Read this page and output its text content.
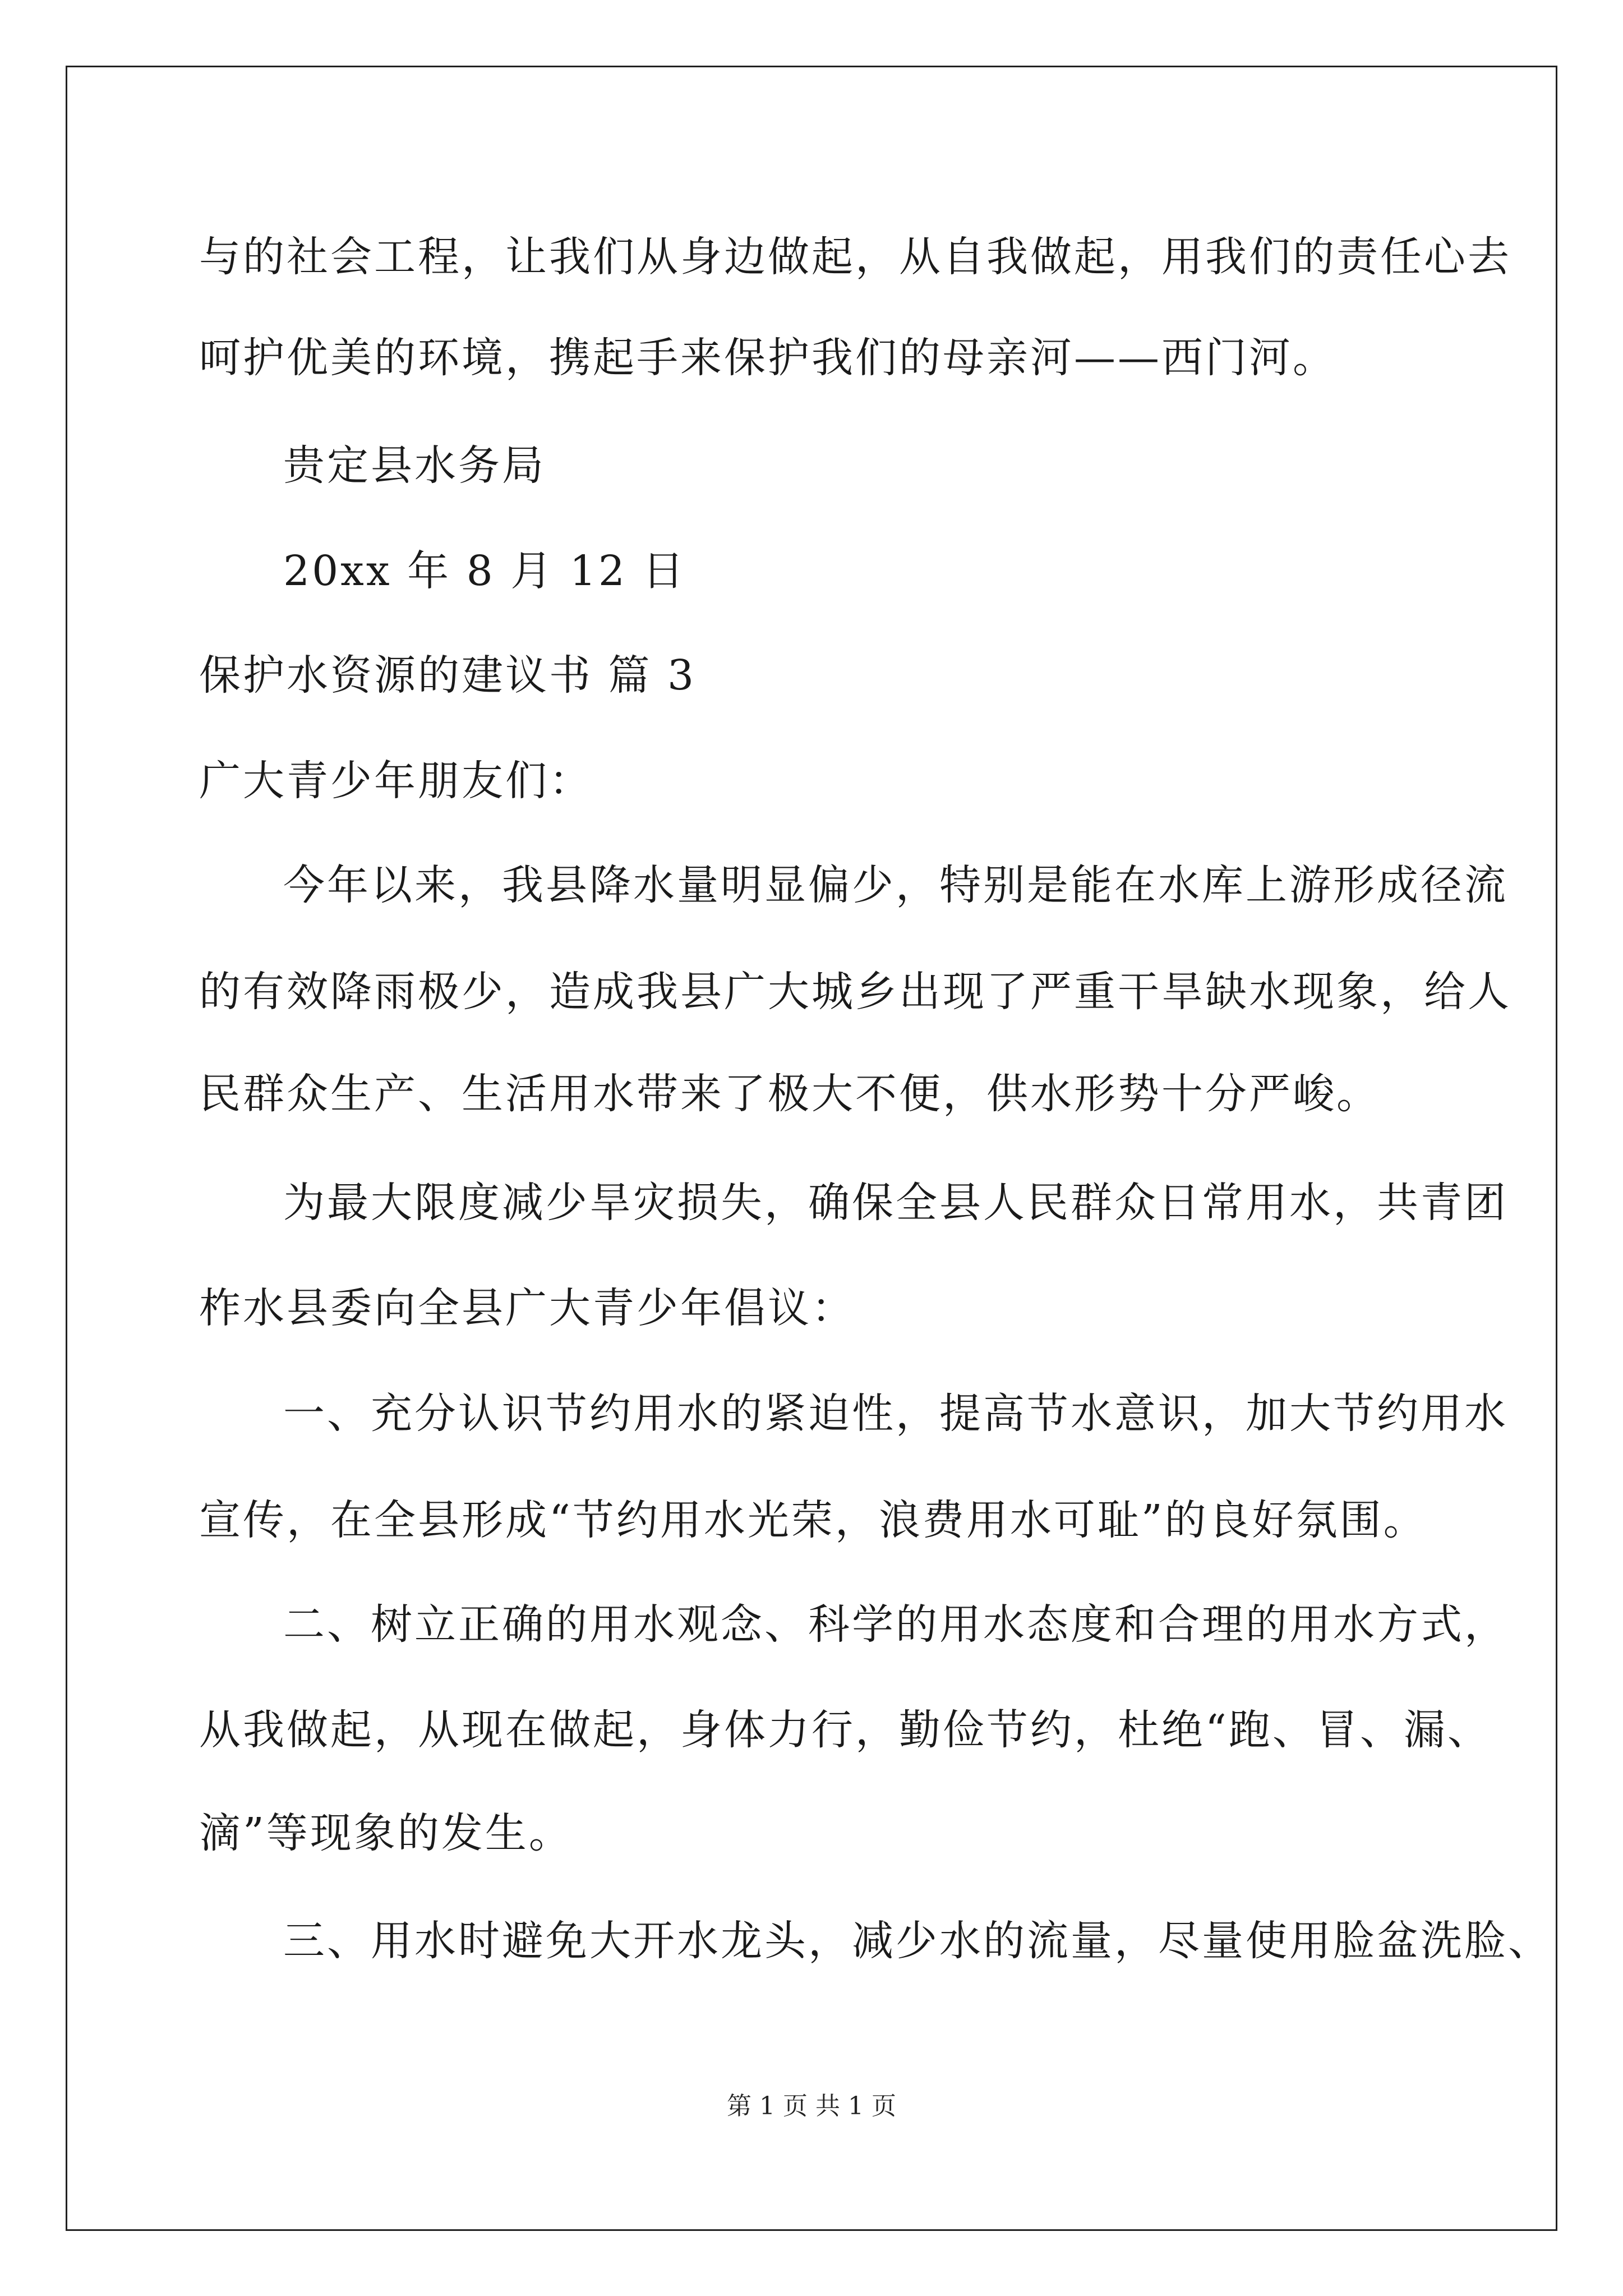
与的社会工程，让我们从身边做起，从自我做起，用我们的责任心去
呵护优美的环境，携起手来保护我们的母亲河——西门河。
贵定县水务局
20xx 年 8 月 12 日
保护水资源的建议书 篇 3
广大青少年朋友们：
今年以来，我县降水量明显偏少，特别是能在水库上游形成径流
的有效降雨极少，造成我县广大城乡出现了严重干旱缺水现象，给人
民群众生产、生活用水带来了极大不便，供水形势十分严峻。
为最大限度减少旱灾损失，确保全县人民群众日常用水，共青团
柞水县委向全县广大青少年倡议：
一、充分认识节约用水的紧迫性，提高节水意识，加大节约用水
宣传，在全县形成“节约用水光荣，浪费用水可耻”的良好氛围。
二、树立正确的用水观念、科学的用水态度和合理的用水方式，
从我做起，从现在做起，身体力行，勤俭节约，杜绝“跑、冒、漏、
滴”等现象的发生。
三、用水时避免大开水龙头，减少水的流量，尽量使用脸盆洗脸、
第 1 页 共 1 页
